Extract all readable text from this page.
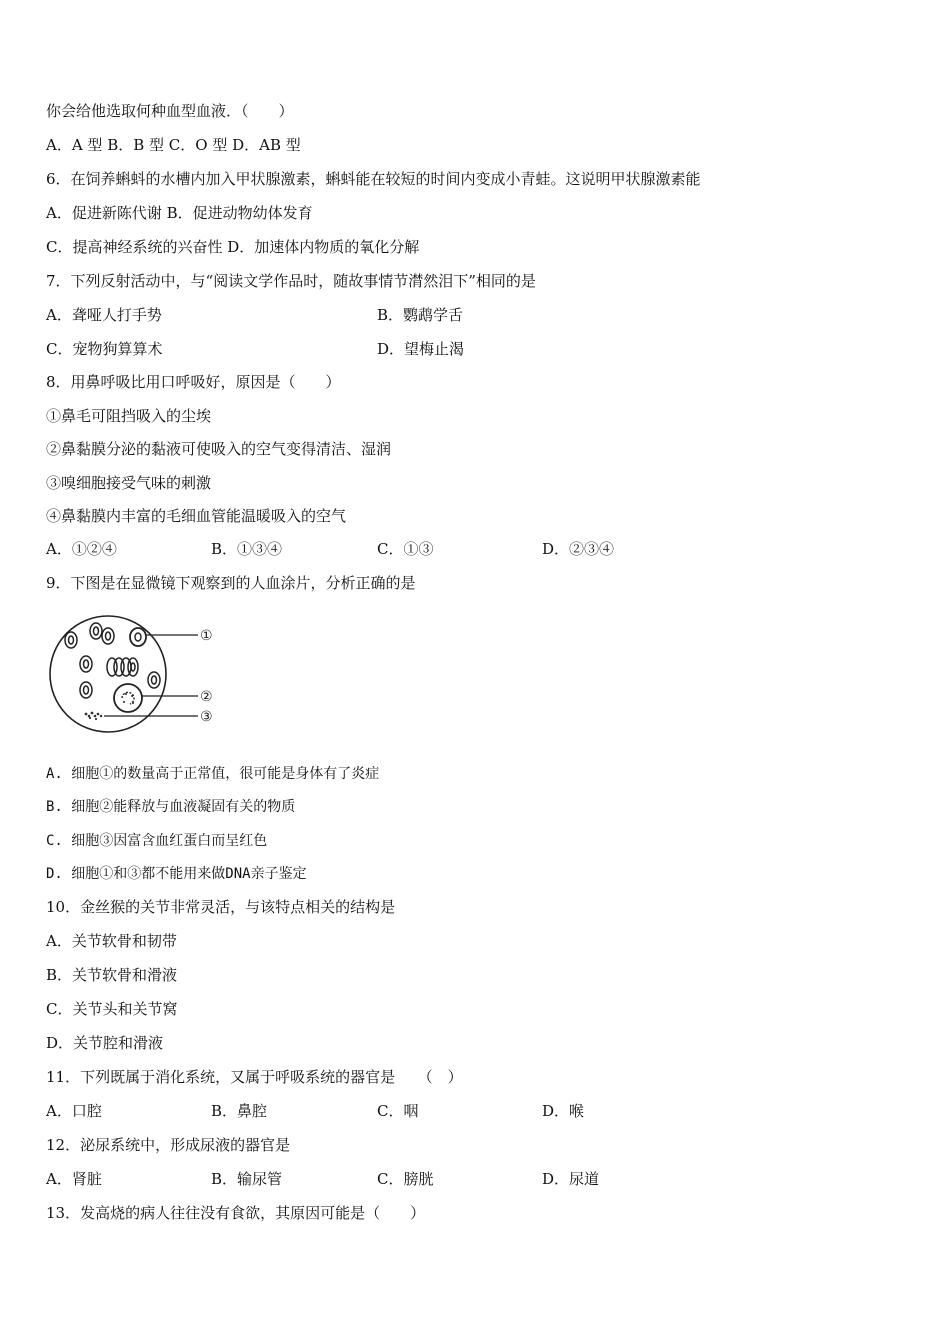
你会给他选取何种血型血液．（　　）
A．A 型 B．B 型 C．O 型 D．AB 型
6．在饲养蝌蚪的水槽内加入甲状腺激素，蝌蚪能在较短的时间内变成小青蛙。这说明甲状腺激素能
A．促进新陈代谢 B．促进动物幼体发育
C．提高神经系统的兴奋性 D．加速体内物质的氧化分解
7．下列反射活动中，与“阅读文学作品时，随故事情节潸然泪下”相同的是
A．聋哑人打手势	B．鹦鹉学舌
C．宠物狗算算术	D．望梅止渴
8．用鼻呼吸比用口呼吸好，原因是（　　）
①鼻毛可阻挡吸入的尘埃
②鼻黏膜分泌的黏液可使吸入的空气变得清洁、湿润
③嗅细胞接受气味的刺激
④鼻黏膜内丰富的毛细血管能温暖吸入的空气
A．①②④	B．①③④	C．①③	D．②③④
9．下图是在显微镜下观察到的人血涂片，分析正确的是
①
②
③
A. 细胞①的数量高于正常值，很可能是身体有了炎症
B. 细胞②能释放与血液凝固有关的物质
C. 细胞③因富含血红蛋白而呈红色
D. 细胞①和③都不能用来做DNA亲子鉴定
10．金丝猴的关节非常灵活，与该特点相关的结构是
A．关节软骨和韧带
B．关节软骨和滑液
C．关节头和关节窝
D．关节腔和滑液
11．下列既属于消化系统，又属于呼吸系统的器官是　　（　）
A．口腔	B．鼻腔	C．咽	D．喉
12．泌尿系统中，形成尿液的器官是
A．肾脏	B．输尿管	C．膀胱	D．尿道
13．发高烧的病人往往没有食欲，其原因可能是（　　）
